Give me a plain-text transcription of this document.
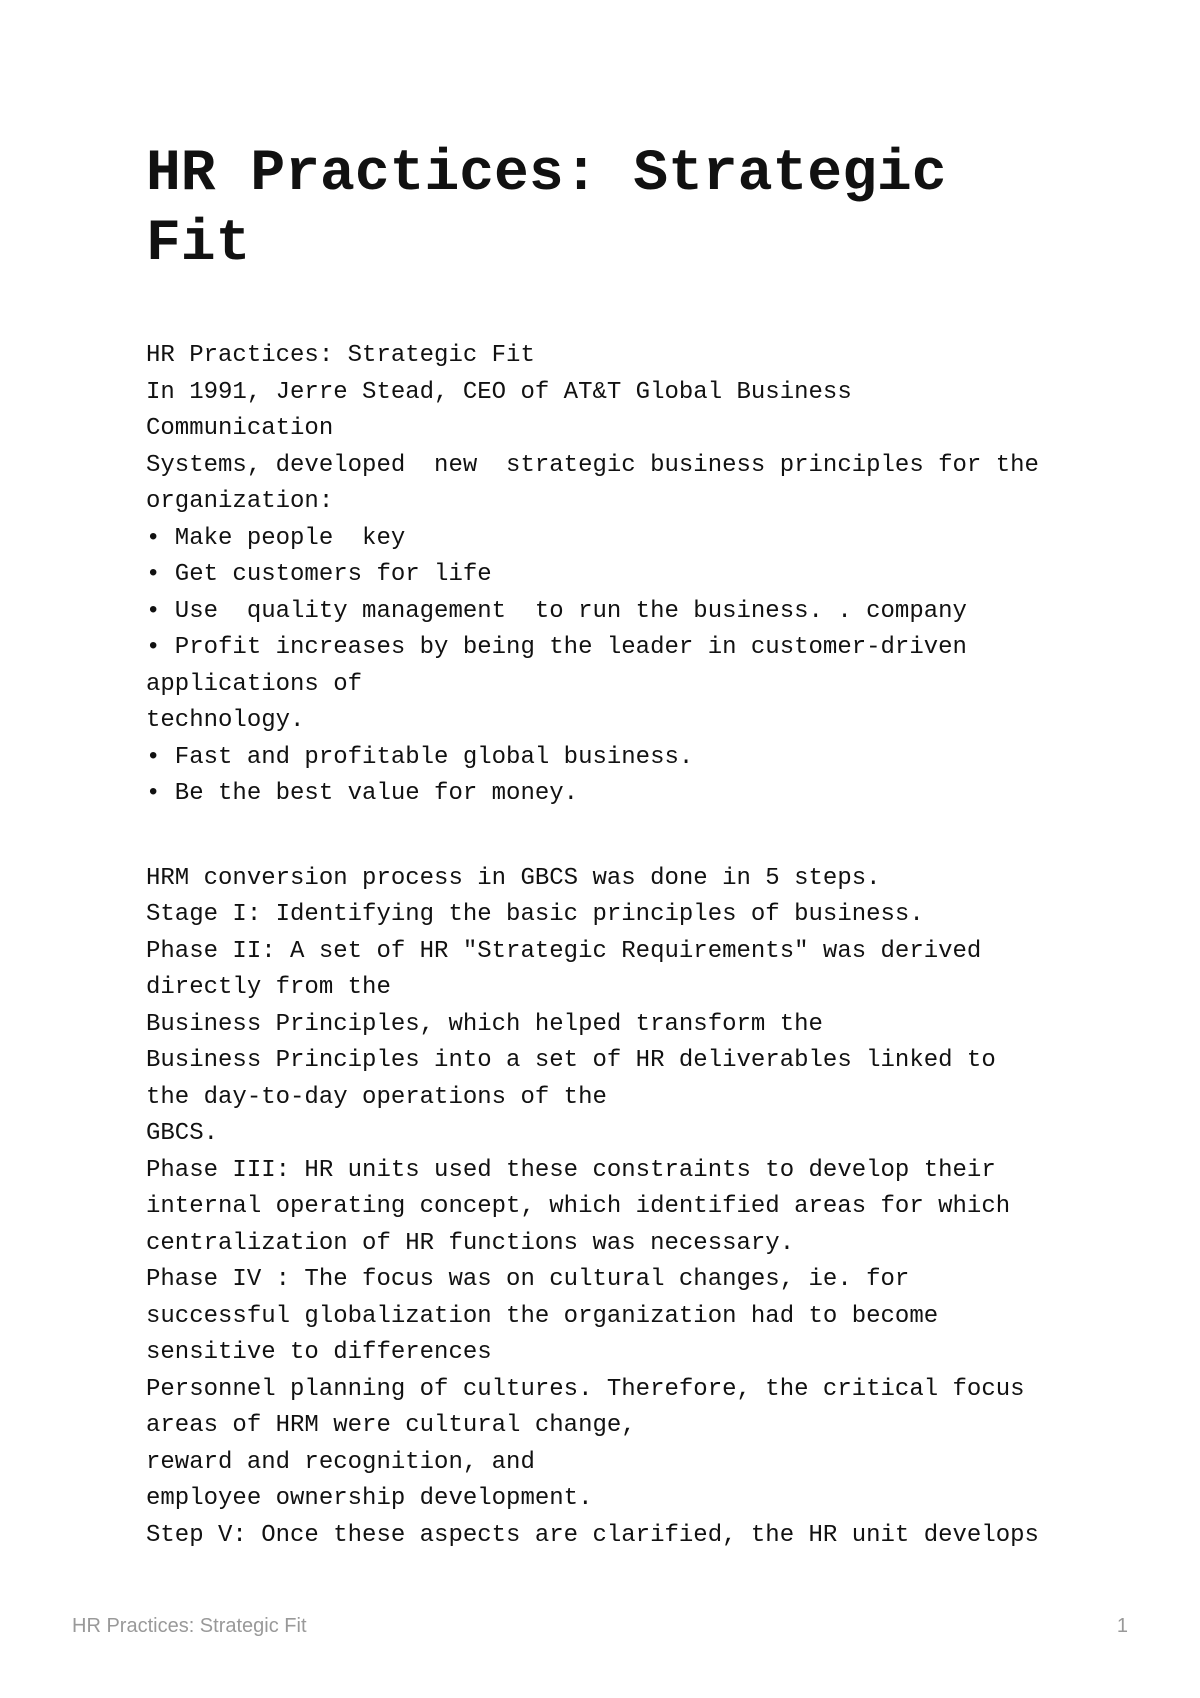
HR Practices: Strategic
Fit
HR Practices: Strategic Fit
In 1991, Jerre Stead, CEO of AT&T Global Business
Communication
Systems, developed  new  strategic business principles for the
organization:
• Make people  key
• Get customers for life
• Use  quality management  to run the business. . company
• Profit increases by being the leader in customer-driven
applications of
technology.
• Fast and profitable global business.
• Be the best value for money.
HRM conversion process in GBCS was done in 5 steps.
Stage I: Identifying the basic principles of business.
Phase II: A set of HR "Strategic Requirements" was derived
directly from the
Business Principles, which helped transform the
Business Principles into a set of HR deliverables linked to
the day-to-day operations of the
GBCS.
Phase III: HR units used these constraints to develop their
internal operating concept, which identified areas for which
centralization of HR functions was necessary.
Phase IV : The focus was on cultural changes, ie. for
successful globalization the organization had to become
sensitive to differences
Personnel planning of cultures. Therefore, the critical focus
areas of HRM were cultural change,
reward and recognition, and
employee ownership development.
Step V: Once these aspects are clarified, the HR unit develops
HR Practices: Strategic Fit	1
